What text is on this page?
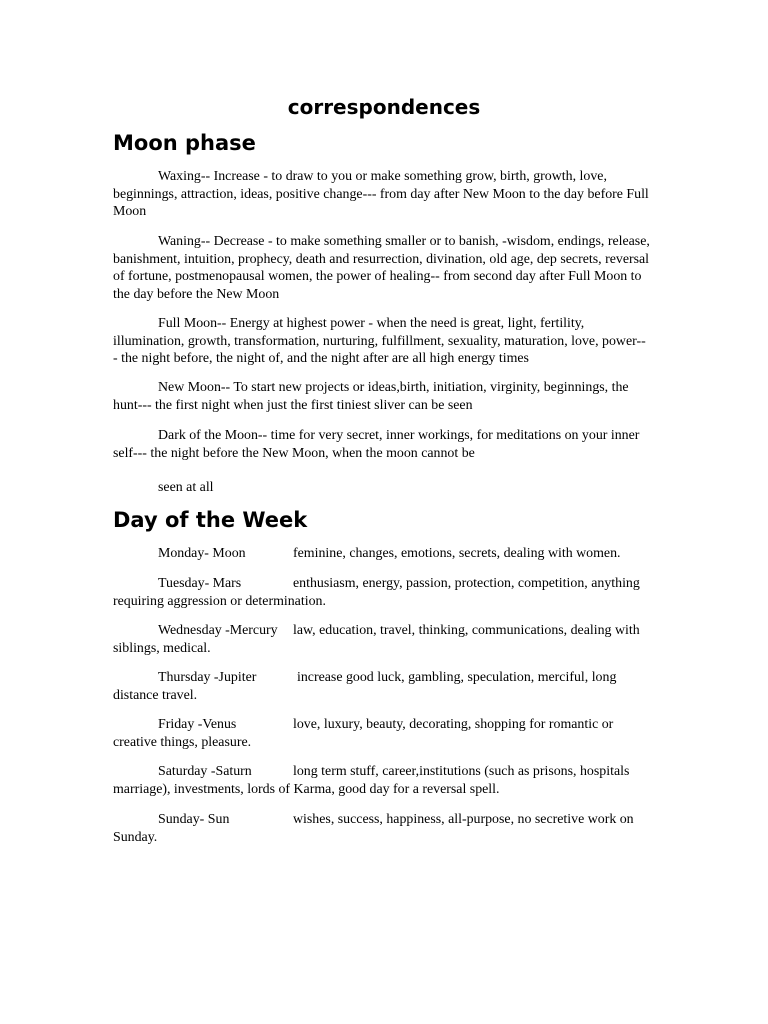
correspondences
Moon phase

Waxing-- Increase - to draw to you or make something grow, birth, growth, love, beginnings, attraction, ideas, positive change--- from day after New Moon to the day before Full Moon

Waning-- Decrease - to make something smaller or to banish, -wisdom, endings, release, banishment, intuition, prophecy, death and resurrection, divination, old age, dep secrets, reversal of fortune, postmenopausal women, the power of healing-- from second day after Full Moon to the day before the New Moon

Full Moon-- Energy at highest power - when the need is great, light, fertility, illumination, growth, transformation, nurturing, fulfillment, sexuality, maturation, love, power--- the night before, the night of, and the night after are all high energy times

New Moon-- To start new projects or ideas,birth, initiation, virginity, beginnings, the hunt--- the first night when just the first tiniest sliver can be seen

Dark of the Moon-- time for very secret, inner workings, for meditations on your inner self--- the night before the New Moon, when the moon cannot be

seen at all

Day of the Week

Monday- Moon	feminine, changes, emotions, secrets, dealing with women.

Tuesday- Mars	enthusiasm, energy, passion, protection, competition, anything requiring aggression or determination.

Wednesday -Mercury law, education, travel, thinking, communications, dealing with siblings, medical.

Thursday -Jupiter	increase good luck, gambling, speculation, merciful, long distance travel.

Friday -Venus	love, luxury, beauty, decorating, shopping for romantic or creative things, pleasure.

Saturday -Saturn	long term stuff, career,institutions (such as prisons, hospitals marriage), investments, lords of Karma, good day for a reversal spell.

Sunday- Sun	wishes, success, happiness, all-purpose, no secretive work on Sunday.
